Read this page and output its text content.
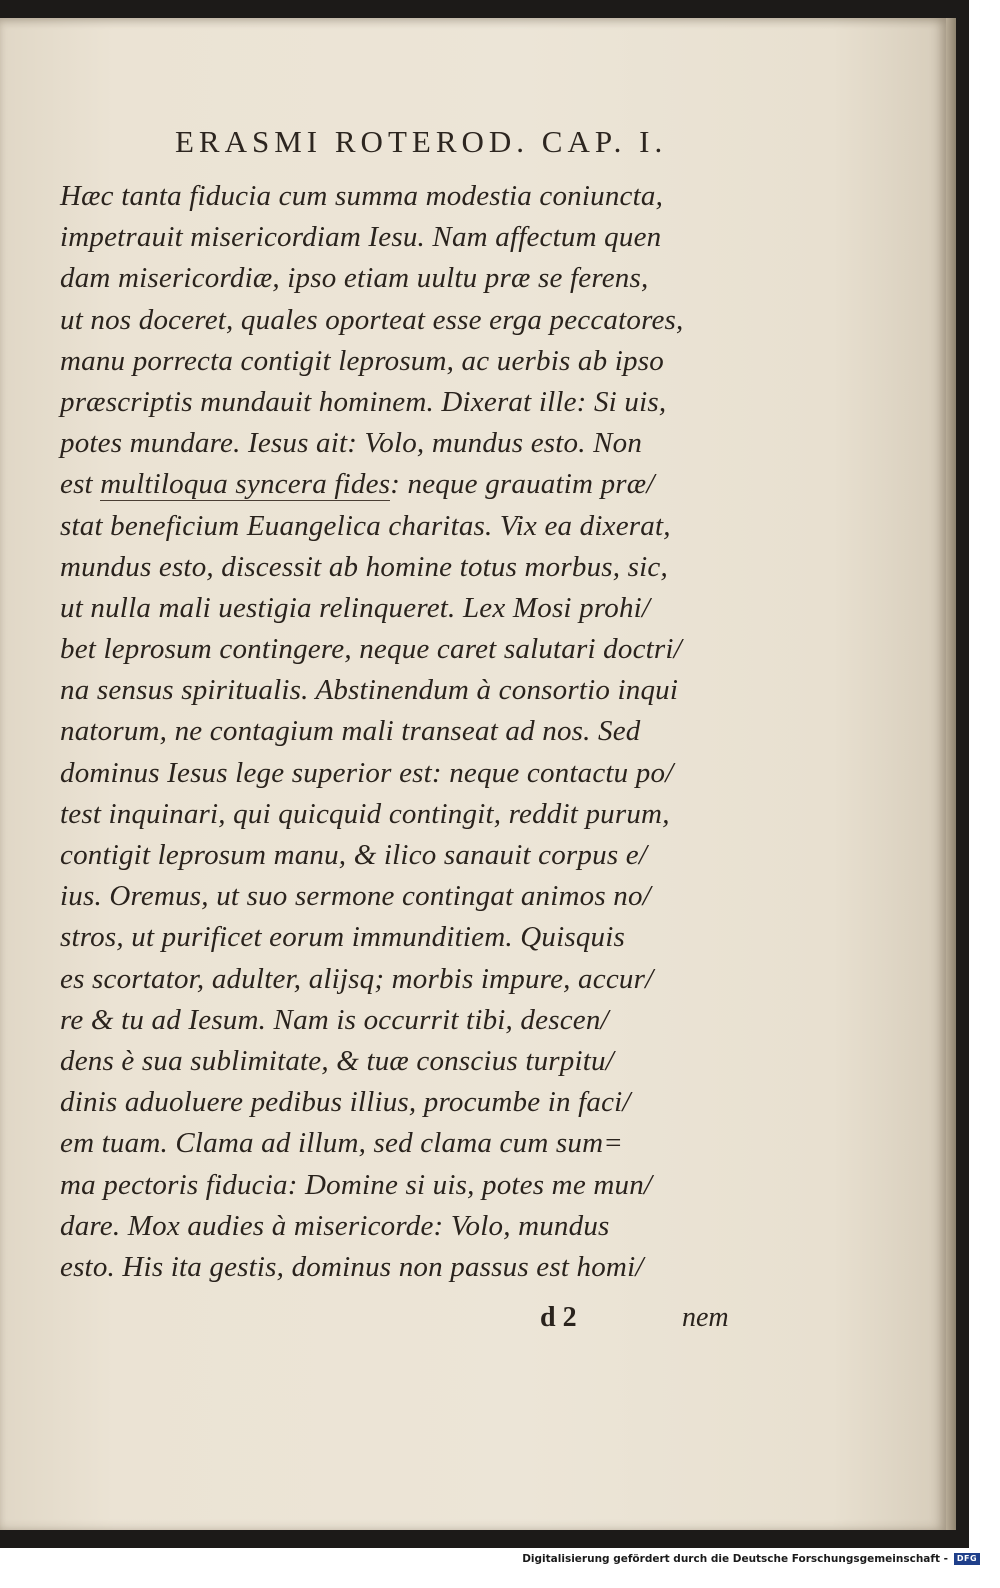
ERASMI ROTEROD. CAP. I.
Hæc tanta fiducia cum summa modestia coniuncta,
impetrauit misericordiam Iesu. Nam affectum quen
dam misericordiæ, ipso etiam uultu præ se ferens,
ut nos doceret, quales oporteat esse erga peccatores,
manu porrecta contigit leprosum, ac uerbis ab ipso
præscriptis mundauit hominem. Dixerat ille: Si uis,
potes mundare. Iesus ait: Volo, mundus esto. Non
est multiloqua syncera fides: neque grauatim præ/
stat beneficium Euangelica charitas. Vix ea dixerat,
mundus esto, discessit ab homine totus morbus, sic,
ut nulla mali uestigia relinqueret. Lex Mosi prohi/
bet leprosum contingere, neque caret salutari doctri/
na sensus spiritualis. Abstinendum à consortio inqui
natorum, ne contagium mali transeat ad nos. Sed
dominus Iesus lege superior est: neque contactu po/
test inquinari, qui quicquid contingit, reddit purum,
contigit leprosum manu, & ilico sanauit corpus e/
ius. Oremus, ut suo sermone contingat animos no/
stros, ut purificet eorum immunditiem. Quisquis
es scortator, adulter, alijsq; morbis impure, accur/
re & tu ad Iesum. Nam is occurrit tibi, descen/
dens è sua sublimitate, & tuæ conscius turpitu/
dinis aduoluere pedibus illius, procumbe in faci/
em tuam. Clama ad illum, sed clama cum sum=
ma pectoris fiducia: Domine si uis, potes me mun/
dare. Mox audies à misericorde: Volo, mundus
esto. His ita gestis, dominus non passus est homi/
d 2	nem
Digitalisierung gefördert durch die Deutsche Forschungsgemeinschaft -	DFG
